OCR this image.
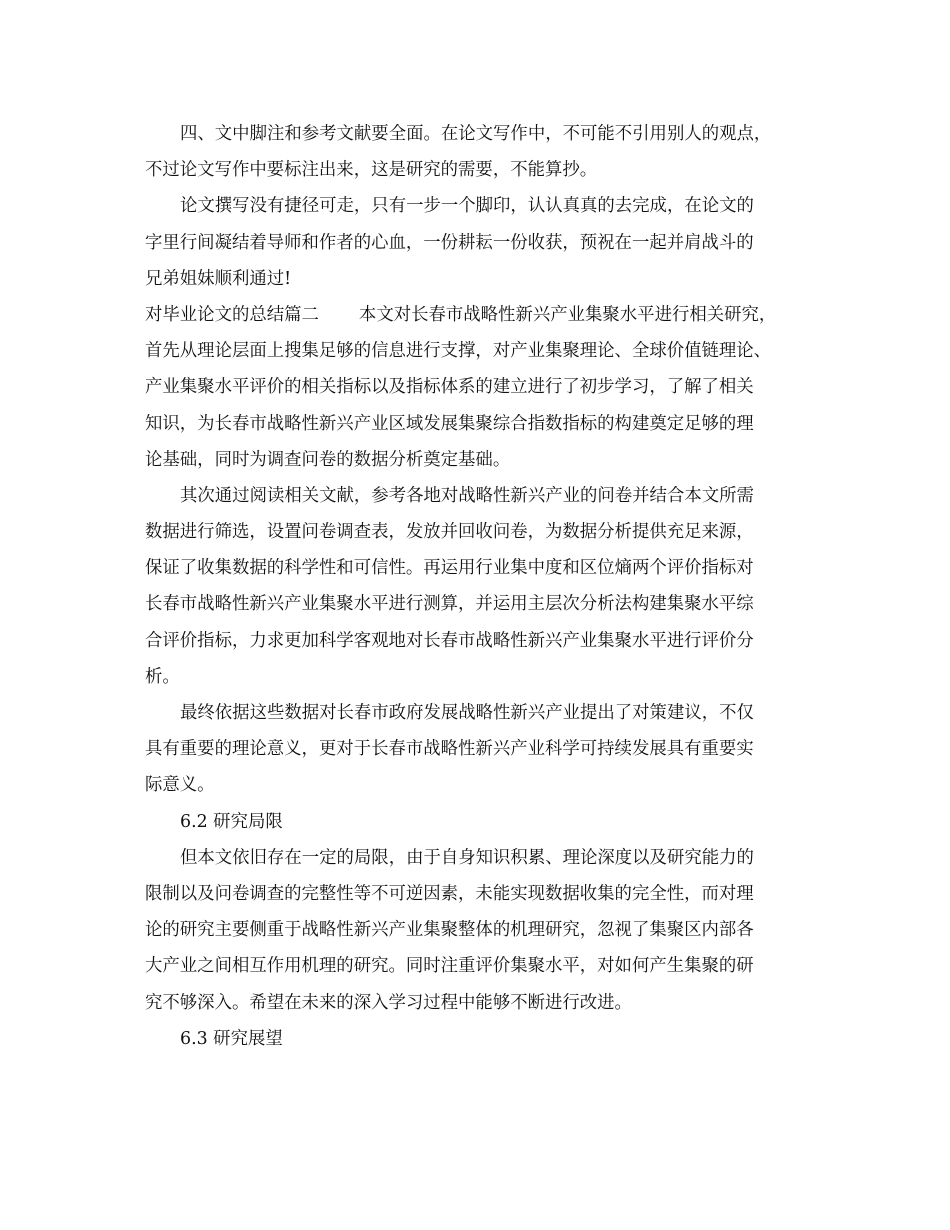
四、文中脚注和参考文献要全面。在论文写作中，不可能不引用别人的观点，
不过论文写作中要标注出来，这是研究的需要，不能算抄。
论文撰写没有捷径可走，只有一步一个脚印，认认真真的去完成，在论文的
字里行间凝结着导师和作者的心血，一份耕耘一份收获，预祝在一起并肩战斗的
兄弟姐妹顺利通过!
对毕业论文的总结篇二 本文对长春市战略性新兴产业集聚水平进行相关研究，
首先从理论层面上搜集足够的信息进行支撑，对产业集聚理论、全球价值链理论、
产业集聚水平评价的相关指标以及指标体系的建立进行了初步学习，了解了相关
知识，为长春市战略性新兴产业区域发展集聚综合指数指标的构建奠定足够的理
论基础，同时为调查问卷的数据分析奠定基础。
其次通过阅读相关文献，参考各地对战略性新兴产业的问卷并结合本文所需
数据进行筛选，设置问卷调查表，发放并回收问卷，为数据分析提供充足来源，
保证了收集数据的科学性和可信性。再运用行业集中度和区位熵两个评价指标对
长春市战略性新兴产业集聚水平进行测算，并运用主层次分析法构建集聚水平综
合评价指标，力求更加科学客观地对长春市战略性新兴产业集聚水平进行评价分
析。
最终依据这些数据对长春市政府发展战略性新兴产业提出了对策建议，不仅
具有重要的理论意义，更对于长春市战略性新兴产业科学可持续发展具有重要实
际意义。
6.2 研究局限
但本文依旧存在一定的局限，由于自身知识积累、理论深度以及研究能力的
限制以及问卷调查的完整性等不可逆因素，未能实现数据收集的完全性，而对理
论的研究主要侧重于战略性新兴产业集聚整体的机理研究，忽视了集聚区内部各
大产业之间相互作用机理的研究。同时注重评价集聚水平，对如何产生集聚的研
究不够深入。希望在未来的深入学习过程中能够不断进行改进。
6.3 研究展望
